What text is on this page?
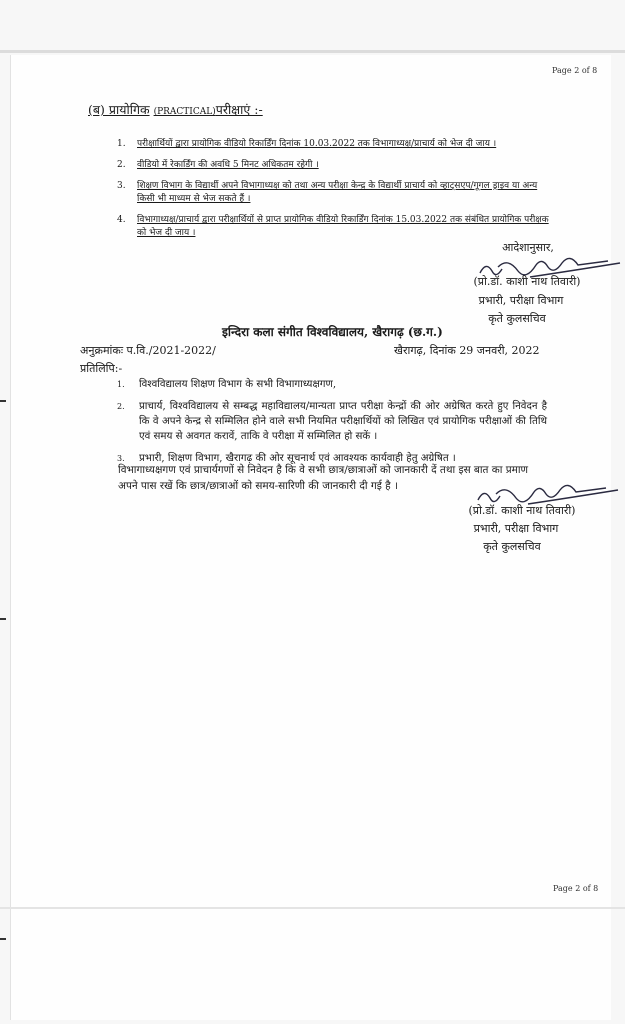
Page 2 of 8
(ब) प्रायोगिक (PRACTICAL)परीक्षाएं :-
1. परीक्षार्थियों द्वारा प्रायोगिक वीडियो रिकार्डिंग दिनांक 10.03.2022 तक विभागाध्यक्ष/प्राचार्य को भेज दी जाय ।
2. वीडियो में रेकार्डिंग की अवधि 5 मिनट अधिकतम रहेगी ।
3. शिक्षण विभाग के विद्यार्थी अपने विभागाध्यक्ष को तथा अन्य परीक्षा केन्द्र के विद्यार्थी प्राचार्य को व्हाट्सएप/गूगल ड्राइव या अन्य किसी भी माध्यम से भेज सकते हैं ।
4. विभागाध्यक्ष/प्राचार्य द्वारा परीक्षार्थियों से प्राप्त प्रायोगिक वीडियो रिकार्डिंग दिनांक 15.03.2022 तक संबंधित प्रायोगिक परीक्षक को भेज दी जाय ।
आदेशानुसार,
(प्रो.डॉ. काशी नाथ तिवारी)
प्रभारी, परीक्षा विभाग
कृते कुलसचिव
इन्दिरा कला संगीत विश्वविद्यालय, खैरागढ़ (छ.ग.)
अनुक्रमांकः प.वि./2021-2022/	खैरागढ़, दिनांक 29 जनवरी, 2022
प्रतिलिपि:-
1. विश्वविद्यालय शिक्षण विभाग के सभी विभागाध्यक्षगण,
2. प्राचार्य, विश्वविद्यालय से सम्बद्ध महाविद्यालय/मान्यता प्राप्त परीक्षा केन्द्रों की ओर अग्रेषित करते हुए निवेदन है कि वे अपने केन्द्र से सम्मिलित होने वाले सभी नियमित परीक्षार्थियों को लिखित एवं प्रायोगिक परीक्षाओं की तिथि एवं समय से अवगत करावें, ताकि वे परीक्षा में सम्मिलित हो सकें ।
3. प्रभारी, शिक्षण विभाग, खैरागढ़ की ओर सूचनार्थ एवं आवश्यक कार्यवाही हेतु अग्रेषित ।
विभागाध्यक्षगण एवं प्राचार्यगणों से निवेदन है कि वे सभी छात्र/छात्राओं को जानकारी दें तथा इस बात का प्रमाण अपने पास रखें कि छात्र/छात्राओं को समय-सारिणी की जानकारी दी गई है ।
(प्रो.डॉ. काशी नाथ तिवारी)
प्रभारी, परीक्षा विभाग
कृते कुलसचिव
Page 2 of 8
